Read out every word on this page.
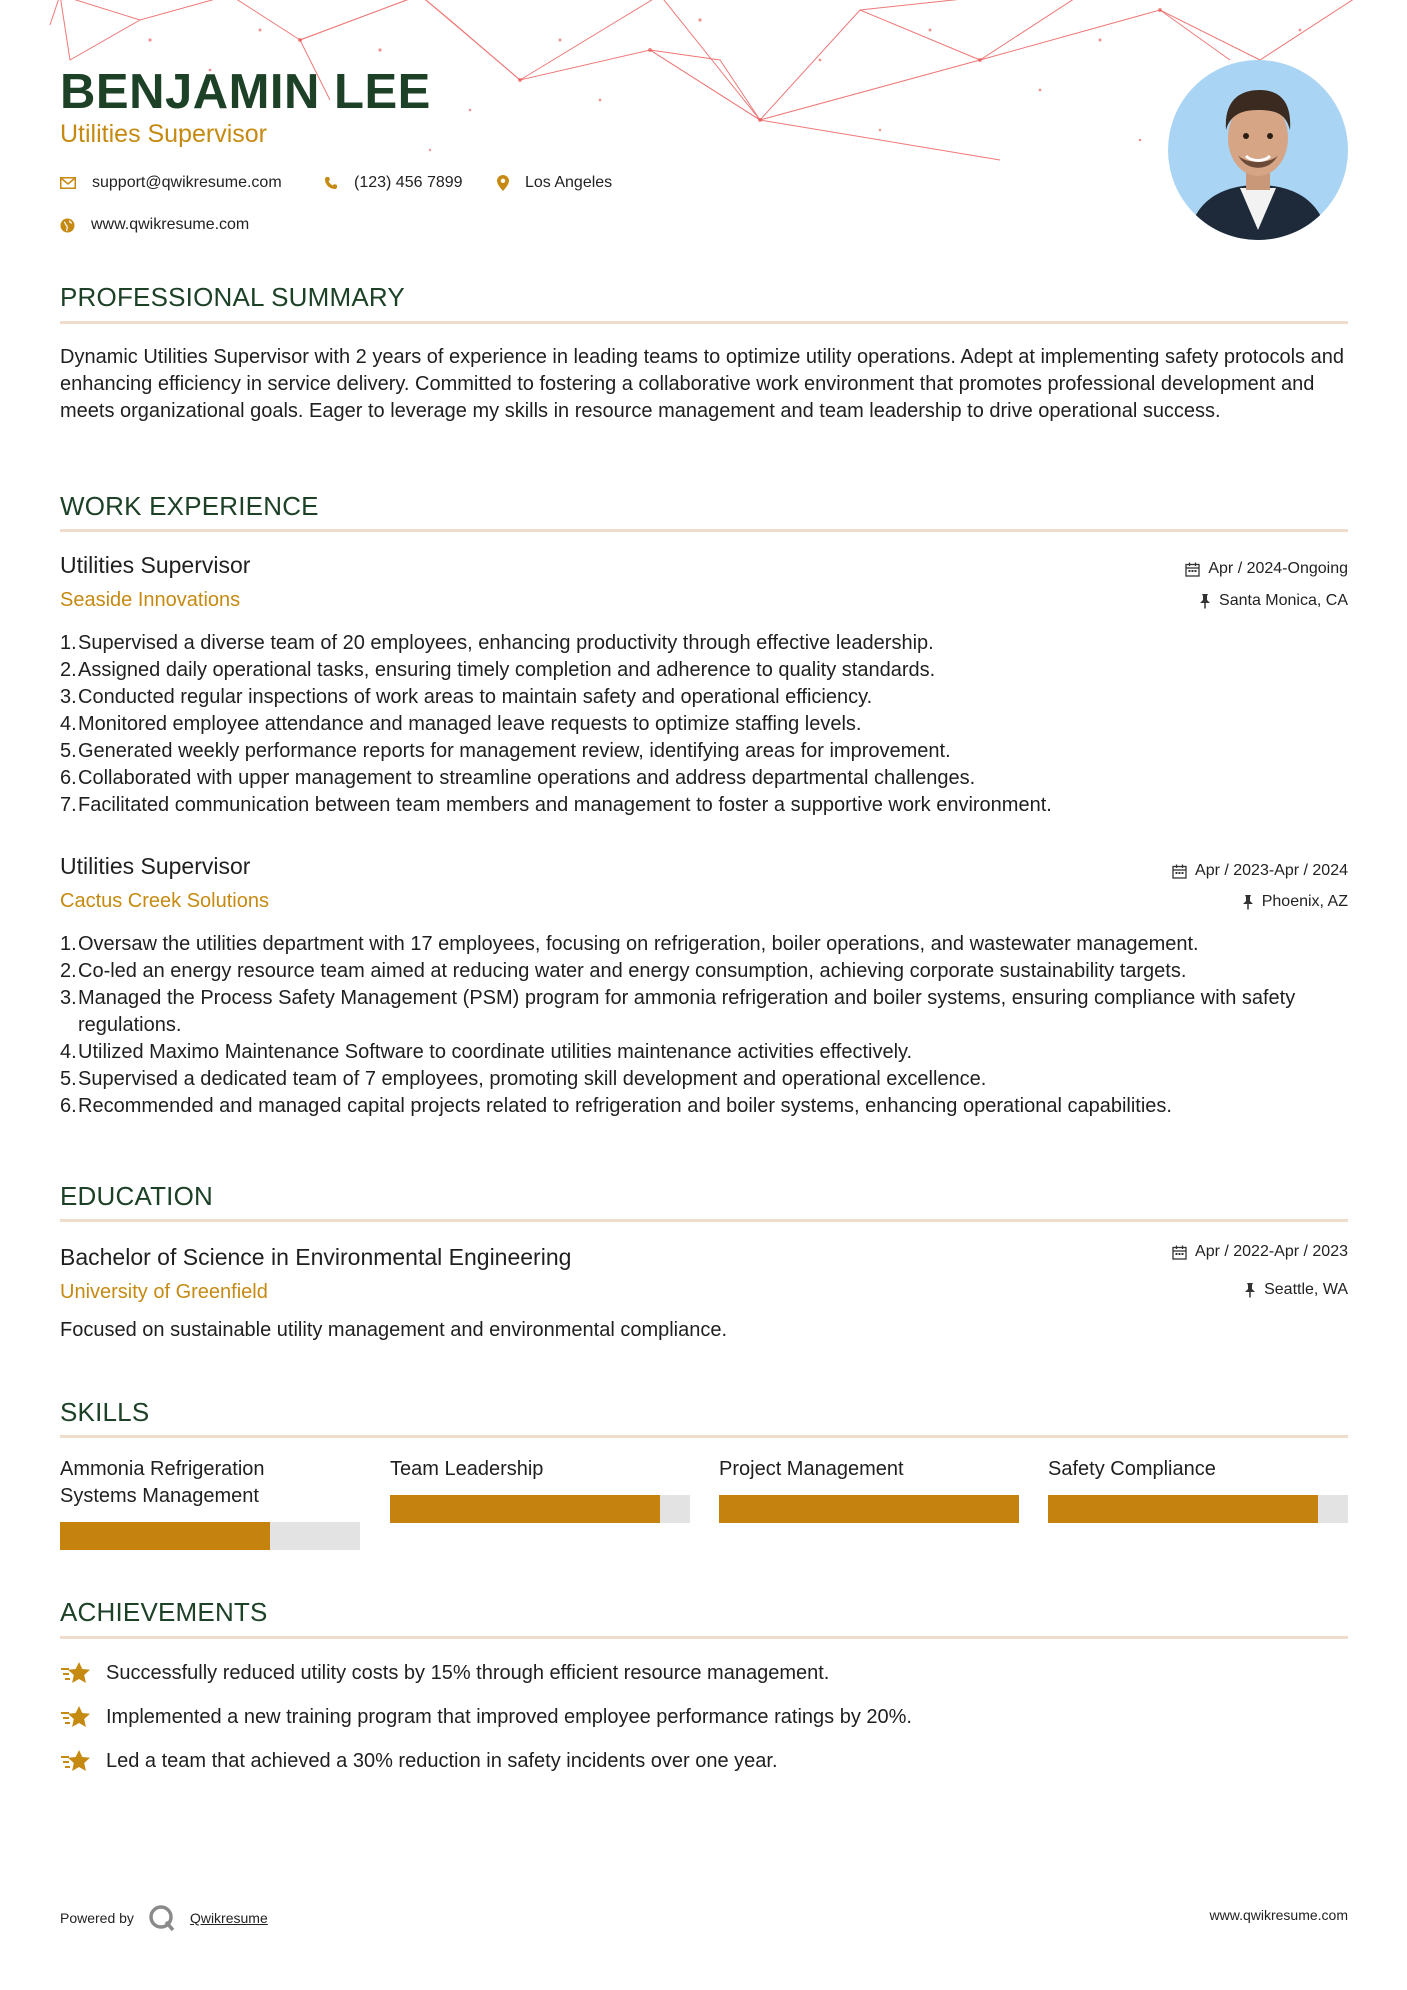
BENJAMIN LEE
Utilities Supervisor
support@qwikresume.com	(123) 456 7899	Los Angeles
www.qwikresume.com
PROFESSIONAL SUMMARY
Dynamic Utilities Supervisor with 2 years of experience in leading teams to optimize utility operations. Adept at implementing safety protocols and enhancing efficiency in service delivery. Committed to fostering a collaborative work environment that promotes professional development and meets organizational goals. Eager to leverage my skills in resource management and team leadership to drive operational success.
WORK EXPERIENCE
Utilities Supervisor
Seaside Innovations
Apr / 2024-Ongoing
Santa Monica, CA
1. Supervised a diverse team of 20 employees, enhancing productivity through effective leadership.
2. Assigned daily operational tasks, ensuring timely completion and adherence to quality standards.
3. Conducted regular inspections of work areas to maintain safety and operational efficiency.
4. Monitored employee attendance and managed leave requests to optimize staffing levels.
5. Generated weekly performance reports for management review, identifying areas for improvement.
6. Collaborated with upper management to streamline operations and address departmental challenges.
7. Facilitated communication between team members and management to foster a supportive work environment.
Utilities Supervisor
Cactus Creek Solutions
Apr / 2023-Apr / 2024
Phoenix, AZ
1. Oversaw the utilities department with 17 employees, focusing on refrigeration, boiler operations, and wastewater management.
2. Co-led an energy resource team aimed at reducing water and energy consumption, achieving corporate sustainability targets.
3. Managed the Process Safety Management (PSM) program for ammonia refrigeration and boiler systems, ensuring compliance with safety regulations.
4. Utilized Maximo Maintenance Software to coordinate utilities maintenance activities effectively.
5. Supervised a dedicated team of 7 employees, promoting skill development and operational excellence.
6. Recommended and managed capital projects related to refrigeration and boiler systems, enhancing operational capabilities.
EDUCATION
Bachelor of Science in Environmental Engineering
University of Greenfield
Apr / 2022-Apr / 2023
Seattle, WA
Focused on sustainable utility management and environmental compliance.
SKILLS
Ammonia Refrigeration Systems Management
Team Leadership	Project Management	Safety Compliance
ACHIEVEMENTS
Successfully reduced utility costs by 15% through efficient resource management.
Implemented a new training program that improved employee performance ratings by 20%.
Led a team that achieved a 30% reduction in safety incidents over one year.
Powered by	Qwikresume	www.qwikresume.com
